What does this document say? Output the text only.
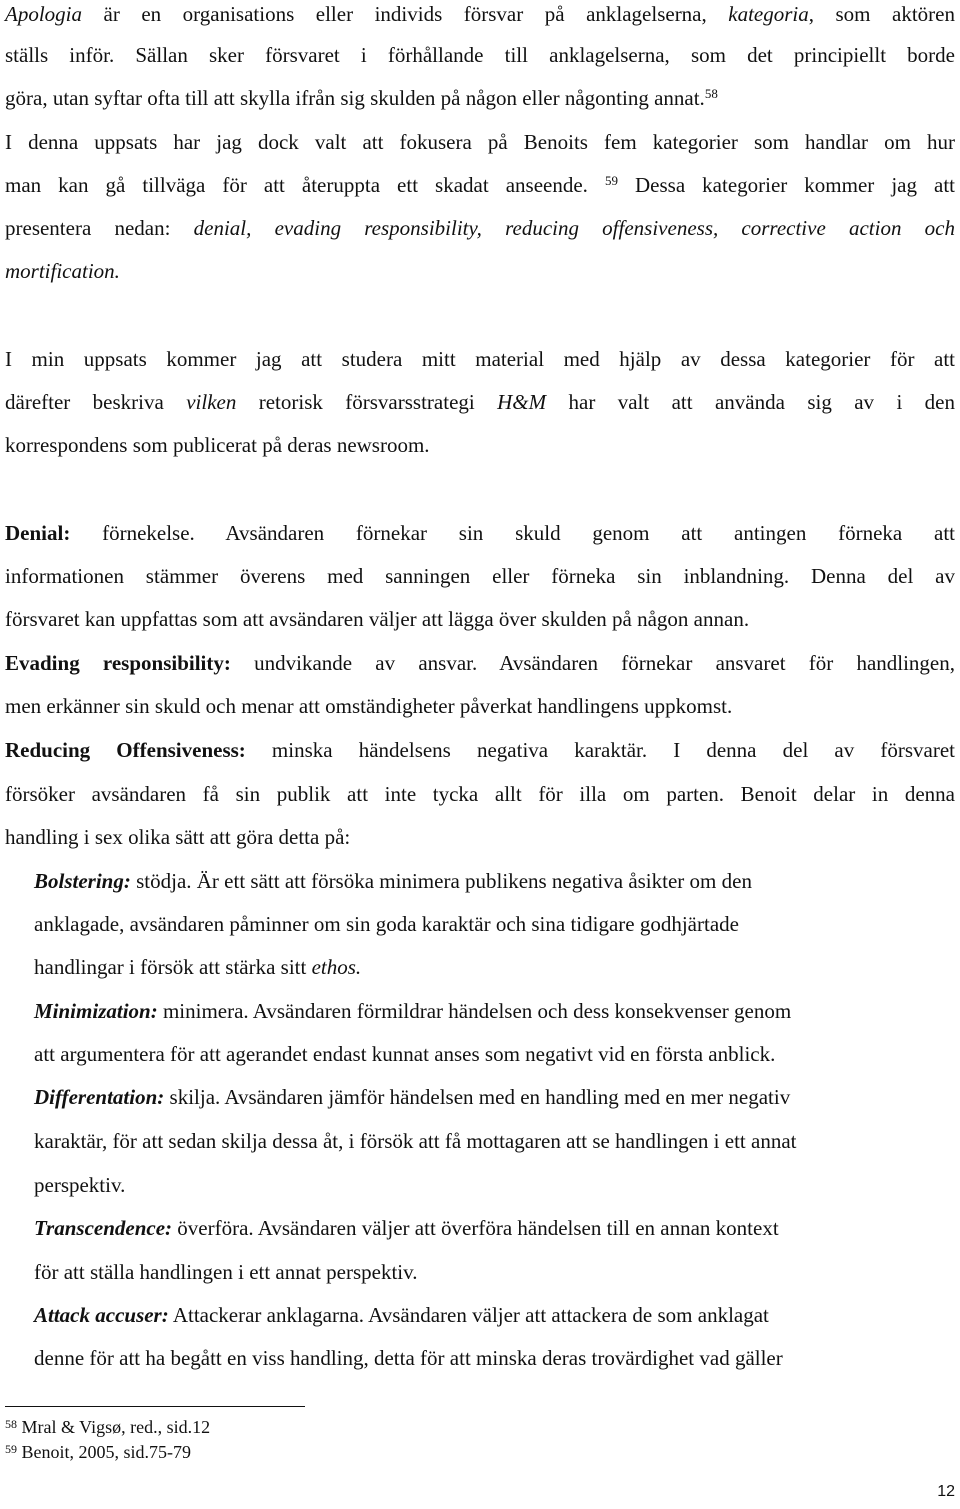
Apologia är en organisations eller individs försvar på anklagelserna, kategoria, som aktören
ställs inför. Sällan sker försvaret i förhållande till anklagelserna, som det principiellt borde
göra, utan syftar ofta till att skylla ifrån sig skulden på någon eller någonting annat.$^{58}$
I denna uppsats har jag dock valt att fokusera på Benoits fem kategorier som handlar om hur
man kan gå tillväga för att återuppta ett skadat anseende. $^{59}$ Dessa kategorier kommer jag att
presentera nedan: denial, evading responsibility, reducing offensiveness, corrective action och
mortification.
I min uppsats kommer jag att studera mitt material med hjälp av dessa kategorier för att
därefter beskriva vilken retorisk försvarsstrategi H&M har valt att använda sig av i den
korrespondens som publicerat på deras newsroom.
Denial: förnekelse. Avsändaren förnekar sin skuld genom att antingen förneka att
informationen stämmer överens med sanningen eller förneka sin inblandning. Denna del av
försvaret kan uppfattas som att avsändaren väljer att lägga över skulden på någon annan.
Evading responsibility: undvikande av ansvar. Avsändaren förnekar ansvaret för handlingen,
men erkänner sin skuld och menar att omständigheter påverkat handlingens uppkomst.
Reducing Offensiveness: minska händelsens negativa karaktär. I denna del av försvaret
försöker avsändaren få sin publik att inte tycka allt för illa om parten. Benoit delar in denna
handling i sex olika sätt att göra detta på:
Bolstering: stödja. Är ett sätt att försöka minimera publikens negativa åsikter om den
anklagade, avsändaren påminner om sin goda karaktär och sina tidigare godhjärtade
handlingar i försök att stärka sitt ethos.
Minimization: minimera. Avsändaren förmildrar händelsen och dess konsekvenser genom
att argumentera för att agerandet endast kunnat anses som negativt vid en första anblick.
Differentation: skilja. Avsändaren jämför händelsen med en handling med en mer negativ
karaktär, för att sedan skilja dessa åt, i försök att få mottagaren att se handlingen i ett annat
perspektiv.
Transcendence: överföra. Avsändaren väljer att överföra händelsen till en annan kontext
för att ställa handlingen i ett annat perspektiv.
Attack accuser: Attackerar anklagarna. Avsändaren väljer att attackera de som anklagat
denne för att ha begått en viss handling, detta för att minska deras trovärdighet vad gäller
$^{58}$ Mral & Vigsø, red., sid.12
$^{59}$ Benoit, 2005, sid.75-79
12
